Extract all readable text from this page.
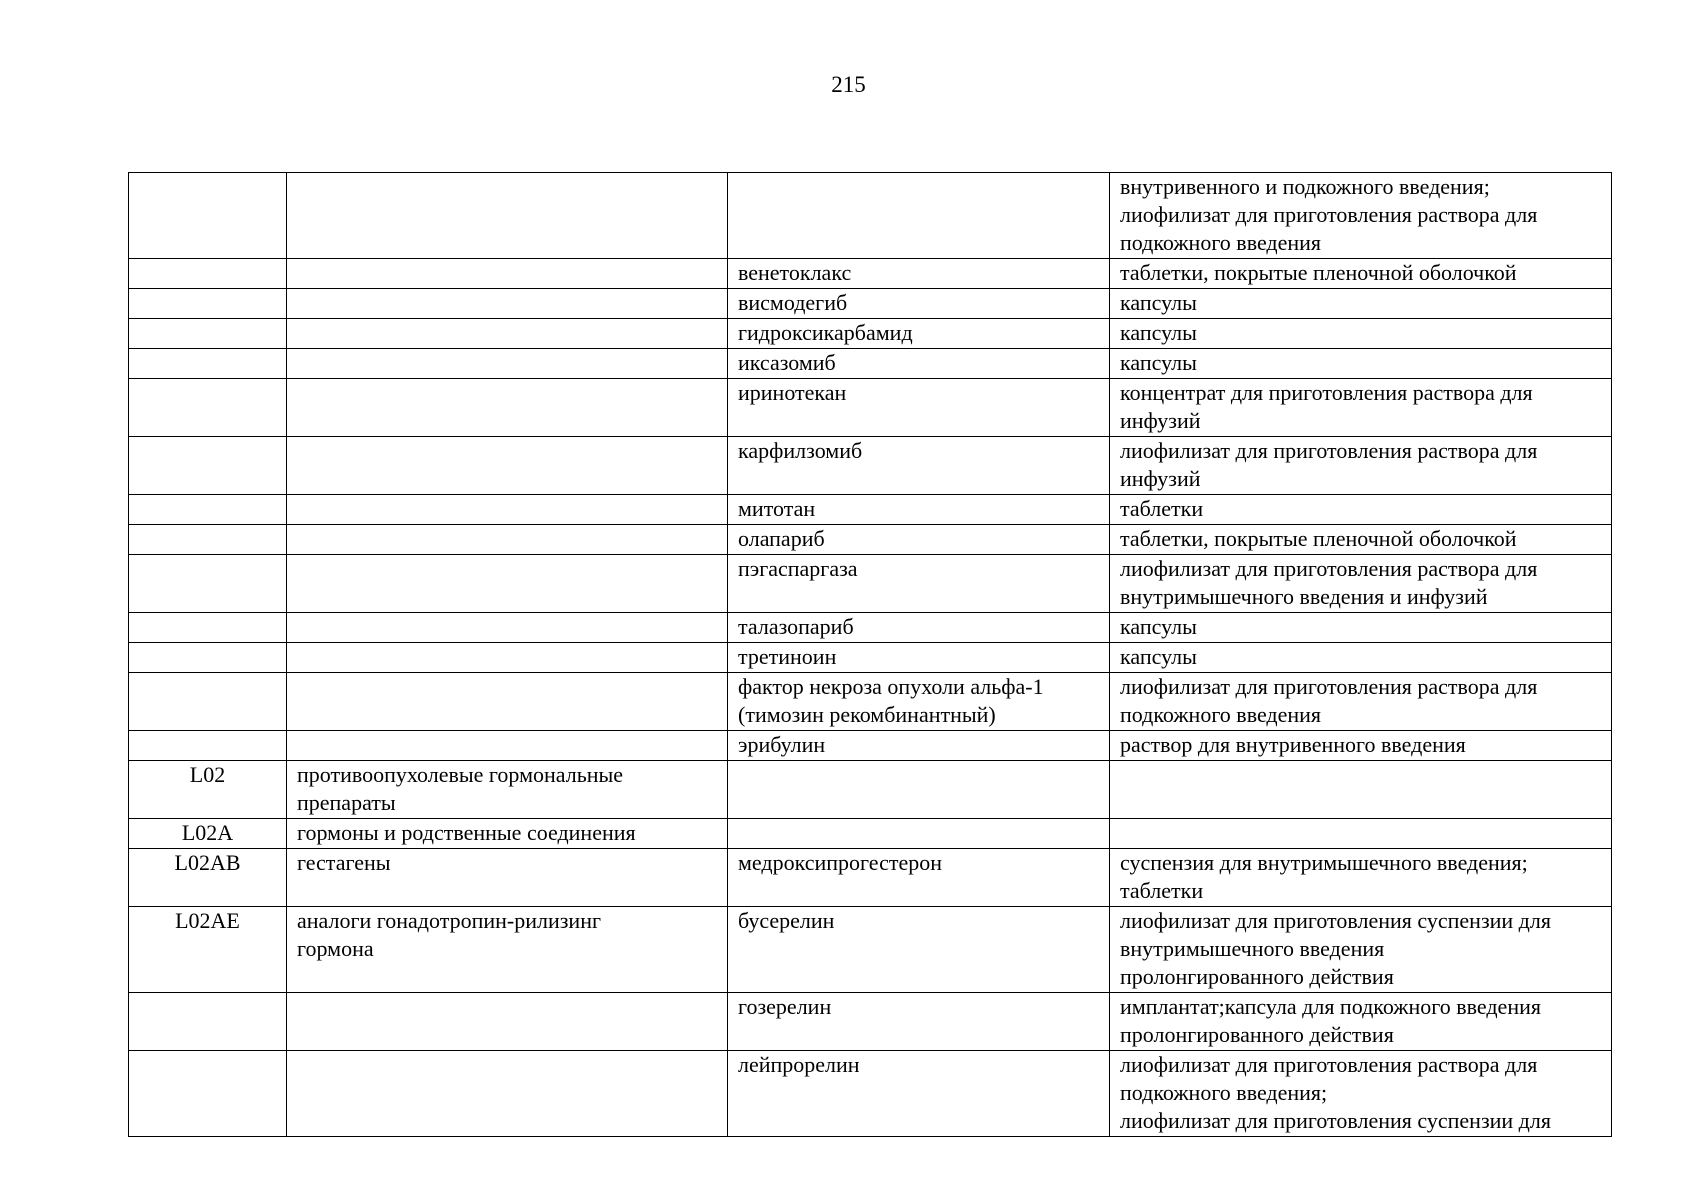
215

			внутривенного и подкожного введения;
лиофилизат для приготовления раствора для
подкожного введения

		венетоклакс	таблетки, покрытые пленочной оболочкой

		висмодегиб	капсулы

		гидроксикарбамид	капсулы

		иксазомиб	капсулы

		иринотекан	концентрат для приготовления раствора для
инфузий

		карфилзомиб	лиофилизат для приготовления раствора для
инфузий

		митотан	таблетки

		олапариб	таблетки, покрытые пленочной оболочкой

		пэгаспаргаза	лиофилизат для приготовления раствора для
внутримышечного введения и инфузий

		талазопариб	капсулы

		третиноин	капсулы

		фактор некроза опухоли альфа-1
(тимозин рекомбинантный)	лиофилизат для приготовления раствора для
подкожного введения

		эрибулин	раствор для внутривенного введения

L02	противоопухолевые гормональные
препараты		

L02A	гормоны и родственные соединения		

L02AB	гестагены	медроксипрогестерон	суспензия для внутримышечного введения;
таблетки

L02AE	аналоги гонадотропин-рилизинг
гормона	бусерелин	лиофилизат для приготовления суспензии для
внутримышечного введения
пролонгированного действия

		гозерелин	имплантат;капсула для подкожного введения
пролонгированного действия

		лейпрорелин	лиофилизат для приготовления раствора для
подкожного введения;
лиофилизат для приготовления суспензии для
